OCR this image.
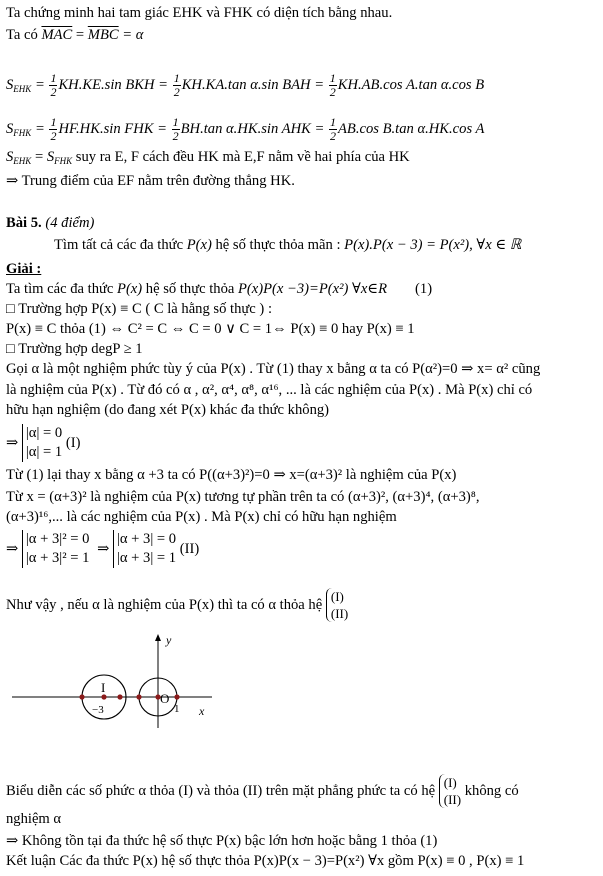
Ta chứng minh hai tam giác EHK và FHK có diện tích bằng nhau.
Ta có $\overline{MAC} = \overline{MBC} = \alpha$
$S_{EHK} = \frac{1}{2} KH.KE.\sin$ BKH = $\frac{1}{2} KH.KA.\tan$ α.sin BAH = $\frac{1}{2} KH.AB.\cos$ A.tan α.cos B
$S_{FHK} = \frac{1}{2} HF.HK.\sin$ FHK = $\frac{1}{2} BH.\tan$ α.HK.sin AHK = $\frac{1}{2} AB.\cos$ B.tan α.HK.cos A
$S_{EHK} = S_{FHK}$ suy ra E, F cách đều HK mà E,F nằm về hai phía của HK
⇒ Trung điểm của EF nằm trên đường thẳng HK.
Bài 5. (4 điểm)
Tìm tất cả các đa thức P(x) hệ số thực thỏa mãn : P(x).P(x − 3) = P(x²), ∀x ∈ ℝ
Giải :
Ta tìm các đa thức P(x) hệ số thực thỏa P(x)P(x −3)=P(x²) ∀x∈R (1)
□ Trường hợp P(x) ≡ C ( C là hằng số thực ) :
P(x) ≡ C thỏa (1) ⇔ C² = C ⇔ C = 0 ∨ C = 1⇔ P(x) ≡ 0 hay P(x) ≡ 1
□ Trường hợp degP ≥ 1
Gọi α là một nghiệm phức tùy ý của P(x) . Từ (1) thay x bằng α ta có P(α²)=0 ⇒ x= α² cũng
là nghiệm của P(x) . Từ đó có α , α², α⁴, α⁸, α¹⁶, ... là các nghiệm của P(x) . Mà P(x) chỉ có
hữu hạn nghiệm (do đang xét P(x) khác đa thức không)
⇒ |α| = 0
|α| = 1 (I)
Từ (1) lại thay x bằng α +3 ta có P((α+3)²)=0 ⇒ x=(α+3)² là nghiệm của P(x)
Từ x = (α+3)² là nghiệm của P(x) tương tự phần trên ta có (α+3)², (α+3)⁴, (α+3)⁸,
(α+3)¹⁶,... là các nghiệm của P(x) . Mà P(x) chỉ có hữu hạn nghiệm
⇒ |α + 3|² = 0
|α + 3|² = 1 ⇒ |α + 3| = 0
|α + 3| = 1 (II)
Như vậy , nếu α là nghiệm của P(x) thì ta có α thỏa hệ (I)
(II)
y
x
I
O
−3	1
Biểu diễn các số phức α thỏa (I) và thỏa (II) trên mặt phẳng phức ta có hệ (I)
(II) không có
nghiệm α
⇒ Không tồn tại đa thức hệ số thực P(x) bậc lớn hơn hoặc bằng 1 thỏa (1)
Kết luận Các đa thức P(x) hệ số thực thỏa P(x)P(x − 3)=P(x²) ∀x gồm P(x) ≡ 0 , P(x) ≡ 1
